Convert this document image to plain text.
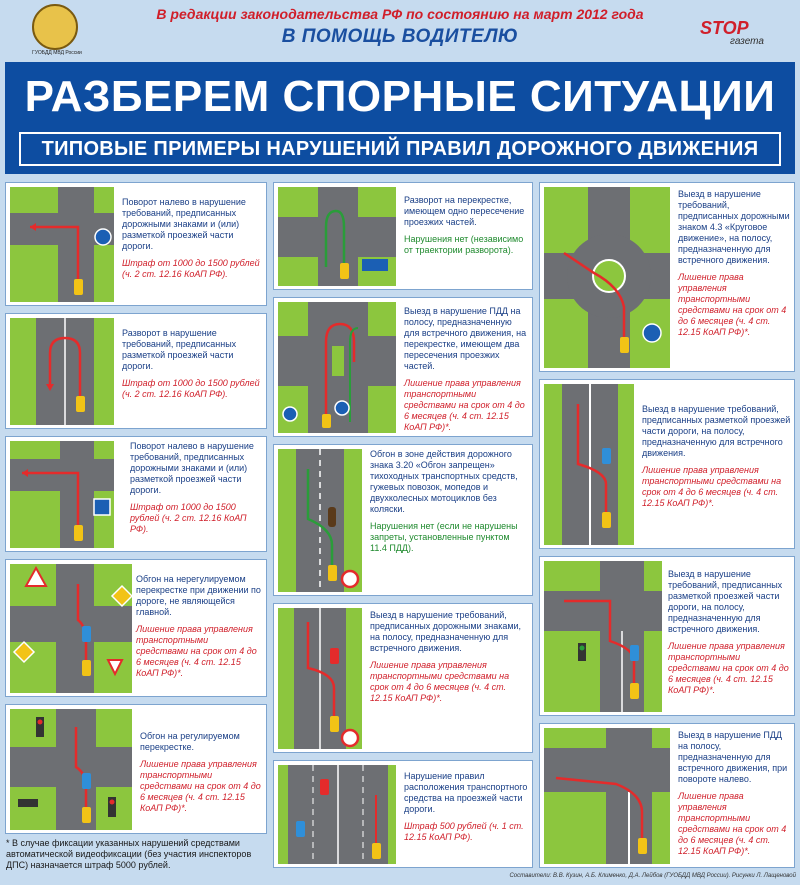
ГУОБДД МВД России
В редакции законодательства РФ по состоянию на март 2012 года
В ПОМОЩЬ ВОДИТЕЛЮ	STOP
газета
РАЗБЕРЕМ СПОРНЫЕ СИТУАЦИИ
ТИПОВЫЕ ПРИМЕРЫ НАРУШЕНИЙ ПРАВИЛ ДОРОЖНОГО ДВИЖЕНИЯ
Поворот налево в нарушение требований, предписанных дорожными знаками и (или) разметкой проезжей части дороги.
Штраф от 1000 до 1500 рублей (ч. 2 ст. 12.16 КоАП РФ).
Разворот в нарушение требований, предписанных разметкой проезжей части дороги.
Штраф от 1000 до 1500 рублей (ч. 2 ст. 12.16 КоАП РФ).
Поворот налево в нарушение требований, предписанных дорожными знаками и (или) разметкой проезжей части дороги.
Штраф от 1000 до 1500 рублей (ч. 2 ст. 12.16 КоАП РФ).
Обгон на нерегулируемом перекрестке при движении по дороге, не являющейся главной.
Лишение права управления транспортными средствами на срок от 4 до 6 месяцев (ч. 4 ст. 12.15 КоАП РФ)*.
Обгон на регулируемом перекрестке.
Лишение права управления транспортными средствами на срок от 4 до 6 месяцев (ч. 4 ст. 12.15 КоАП РФ)*.
Разворот на перекрестке, имеющем одно пересечение проезжих частей.
Нарушения нет (независимо от траектории разворота).
Выезд в нарушение ПДД на полосу, предназначенную для встречного движения, на перекрестке, имеющем два пересечения проезжих частей.
Лишение права управления транспортными средствами на срок от 4 до 6 месяцев (ч. 4 ст. 12.15 КоАП РФ)*.
Обгон в зоне действия дорожного знака 3.20 «Обгон запрещен» тихоходных транспортных средств, гужевых повозок, мопедов и двухколесных мотоциклов без коляски.
Нарушения нет (если не нарушены запреты, установленные пунктом 11.4 ПДД).
Выезд в нарушение требований, предписанных дорожными знаками, на полосу, предназначенную для встречного движения.
Лишение права управления транспортными средствами на срок от 4 до 6 месяцев (ч. 4 ст. 12.15 КоАП РФ)*.
Нарушение правил расположения транспортного средства на проезжей части дороги.
Штраф 500 рублей (ч. 1 ст. 12.15 КоАП РФ).
Выезд в нарушение требований, предписанных дорожными знаком 4.3 «Круговое движение», на полосу, предназначенную для встречного движения.
Лишение права управления транспортными средствами на срок от 4 до 6 месяцев (ч. 4 ст. 12.15 КоАП РФ)*.
Выезд в нарушение требований, предписанных разметкой проезжей части дороги, на полосу, предназначенную для встречного движения.
Лишение права управления транспортными средствами на срок от 4 до 6 месяцев (ч. 4 ст. 12.15 КоАП РФ)*.
Выезд в нарушение требований, предписанных разметкой проезжей части дороги, на полосу, предназначенную для встречного движения.
Лишение права управления транспортными средствами на срок от 4 до 6 месяцев (ч. 4 ст. 12.15 КоАП РФ)*.
Выезд в нарушение ПДД на полосу, предназначенную для встречного движения, при повороте налево.
Лишение права управления транспортными средствами на срок от 4 до 6 месяцев (ч. 4 ст. 12.15 КоАП РФ)*.
* В случае фиксации указанных нарушений средствами автоматической видеофиксации (без участия инспекторов ДПС) назначается штраф 5000 рублей.
Составители: В.В. Кузин, А.Б. Клименко, Д.А. Лейбов (ГУОБДД МВД России). Рисунки Л. Лащеновой
